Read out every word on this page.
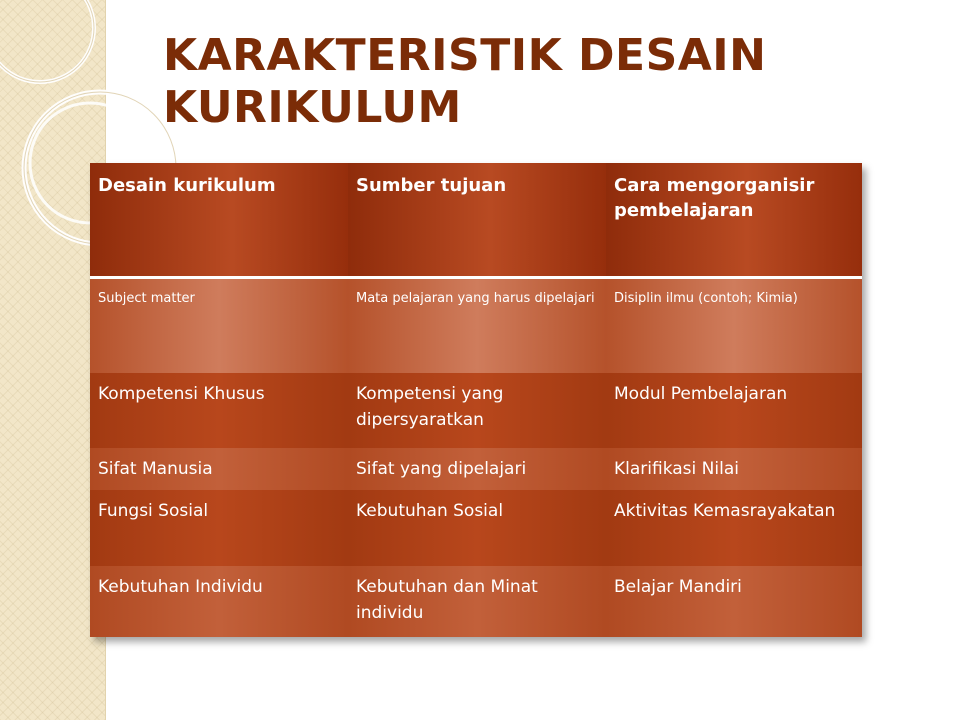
KARAKTERISTIK DESAIN KURIKULUM
Desain kurikulum	Sumber tujuan	Cara mengorganisir pembelajaran

Subject matter	Mata pelajaran yang harus dipelajari	Disiplin ilmu (contoh; Kimia)
Kompetensi Khusus	Kompetensi yang dipersyaratkan	Modul Pembelajaran
Sifat Manusia	Sifat yang dipelajari	Klarifikasi Nilai
Fungsi Sosial	Kebutuhan Sosial	Aktivitas Kemasrayakatan
Kebutuhan Individu	Kebutuhan dan Minat individu	Belajar Mandiri
